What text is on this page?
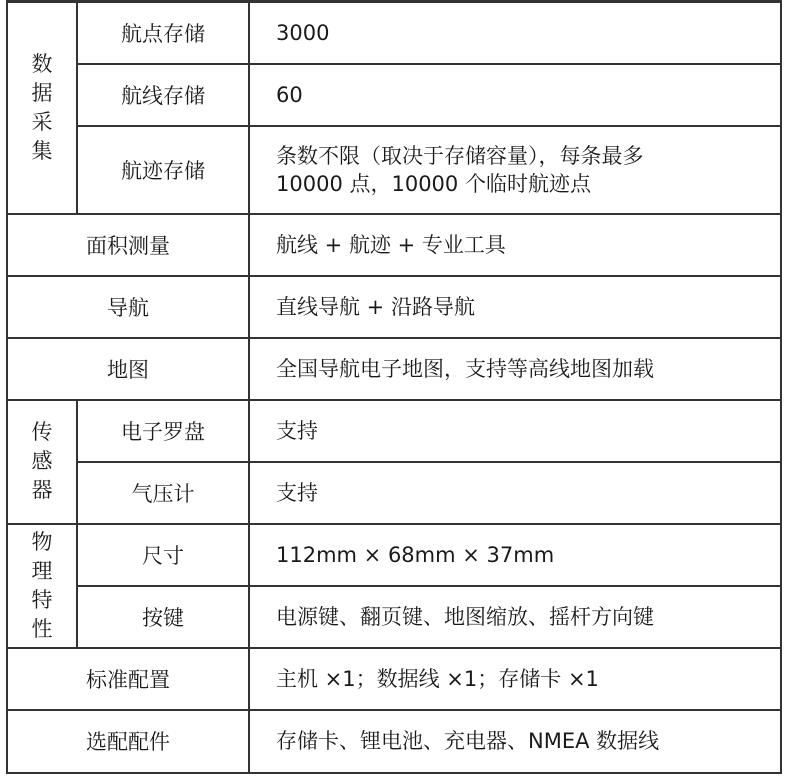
数据采集	航点存储	3000
	航线存储	60
	航迹存储	条数不限（取决于存储容量），每条最多
10000 点，10000 个临时航迹点

面积测量		航线 + 航迹 + 专业工具
导航		直线导航 + 沿路导航
地图		全国导航电子地图，支持等高线地图加载
传感器	电子罗盘	支持
	气压计	支持
物理特性	尺寸	112mm × 68mm × 37mm
	按键	电源键、翻页键、地图缩放、摇杆方向键
标准配置		主机 ×1；数据线 ×1；存储卡 ×1
选配配件		存储卡、锂电池、充电器、NMEA 数据线
